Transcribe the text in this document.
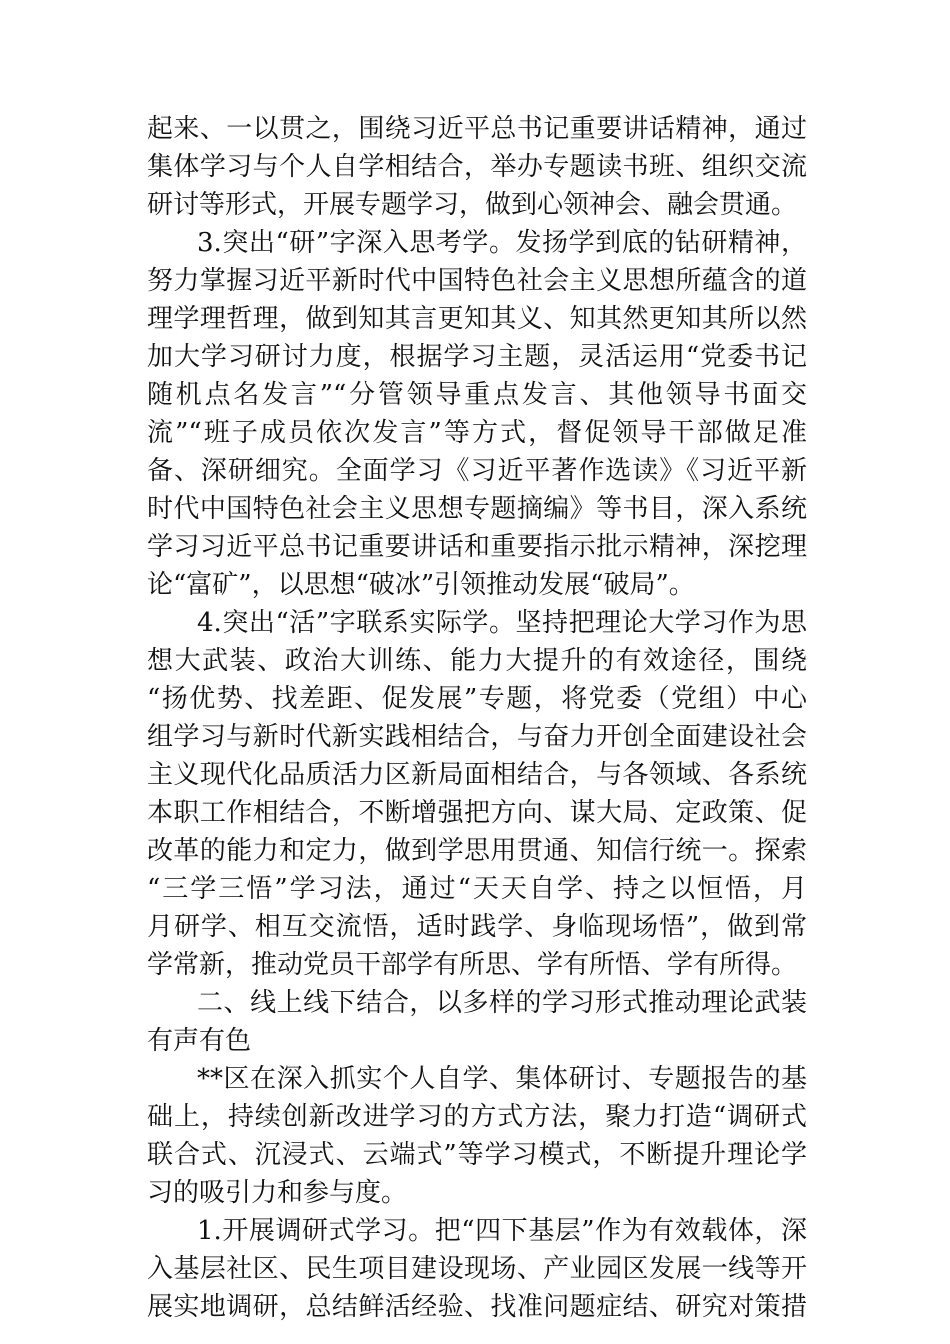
起来、一以贯之，围绕习近平总书记重要讲话精神，通过
集体学习与个人自学相结合，举办专题读书班、组织交流
研讨等形式，开展专题学习，做到心领神会、融会贯通。
3.突出“研”字深入思考学。发扬学到底的钻研精神，
努力掌握习近平新时代中国特色社会主义思想所蕴含的道
理学理哲理，做到知其言更知其义、知其然更知其所以然
加大学习研讨力度，根据学习主题，灵活运用“党委书记
随机点名发言”“分管领导重点发言、其他领导书面交
流”“班子成员依次发言”等方式，督促领导干部做足准
备、深研细究。全面学习《习近平著作选读》《习近平新
时代中国特色社会主义思想专题摘编》等书目，深入系统
学习习近平总书记重要讲话和重要指示批示精神，深挖理
论“富矿”，以思想“破冰”引领推动发展“破局”。
4.突出“活”字联系实际学。坚持把理论大学习作为思
想大武装、政治大训练、能力大提升的有效途径，围绕
“扬优势、找差距、促发展”专题，将党委（党组）中心
组学习与新时代新实践相结合，与奋力开创全面建设社会
主义现代化品质活力区新局面相结合，与各领域、各系统
本职工作相结合，不断增强把方向、谋大局、定政策、促
改革的能力和定力，做到学思用贯通、知信行统一。探索
“三学三悟”学习法，通过“天天自学、持之以恒悟，月
月研学、相互交流悟，适时践学、身临现场悟”，做到常
学常新，推动党员干部学有所思、学有所悟、学有所得。
二、线上线下结合，以多样的学习形式推动理论武装
有声有色
**区在深入抓实个人自学、集体研讨、专题报告的基
础上，持续创新改进学习的方式方法，聚力打造“调研式
联合式、沉浸式、云端式”等学习模式，不断提升理论学
习的吸引力和参与度。
1.开展调研式学习。把“四下基层”作为有效载体，深
入基层社区、民生项目建设现场、产业园区发展一线等开
展实地调研，总结鲜活经验、找准问题症结、研究对策措
